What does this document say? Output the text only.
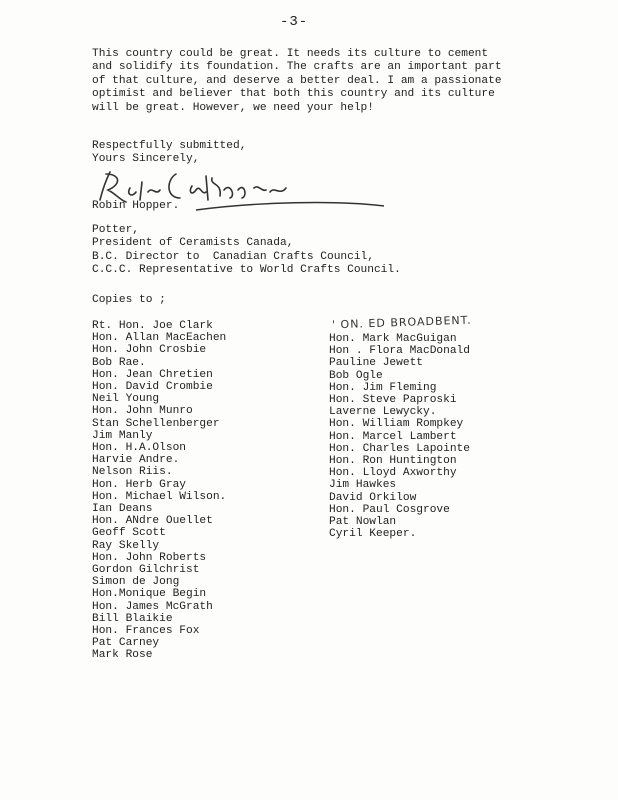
-3-
This country could be great. It needs its culture to cement
and solidify its foundation. The crafts are an important part
of that culture, and deserve a better deal. I am a passionate
optimist and believer that both this country and its culture
will be great. However, we need your help!
Respectfully submitted,
Yours Sincerely,
Robin Hopper.
Potter,
President of Ceramists Canada,
B.C. Director to  Canadian Crafts Council,
C.C.C. Representative to World Crafts Council.
Copies to ;
' ON. ED BROADBENT.
Rt. Hon. Joe Clark
Hon. Allan MacEachen
Hon. John Crosbie
Bob Rae.
Hon. Jean Chretien
Hon. David Crombie
Neil Young
Hon. John Munro
Stan Schellenberger
Jim Manly
Hon. H.A.Olson
Harvie Andre.
Nelson Riis.
Hon. Herb Gray
Hon. Michael Wilson.
Ian Deans
Hon. ANdre Ouellet
Geoff Scott
Ray Skelly
Hon. John Roberts
Gordon Gilchrist
Simon de Jong
Hon.Monique Begin
Hon. James McGrath
Bill Blaikie
Hon. Frances Fox
Pat Carney
Mark Rose
Hon. Mark MacGuigan
Hon . Flora MacDonald
Pauline Jewett
Bob Ogle
Hon. Jim Fleming
Hon. Steve Paproski
Laverne Lewycky.
Hon. William Rompkey
Hon. Marcel Lambert
Hon. Charles Lapointe
Hon. Ron Huntington
Hon. Lloyd Axworthy
Jim Hawkes
David Orkilow
Hon. Paul Cosgrove
Pat Nowlan
Cyril Keeper.
